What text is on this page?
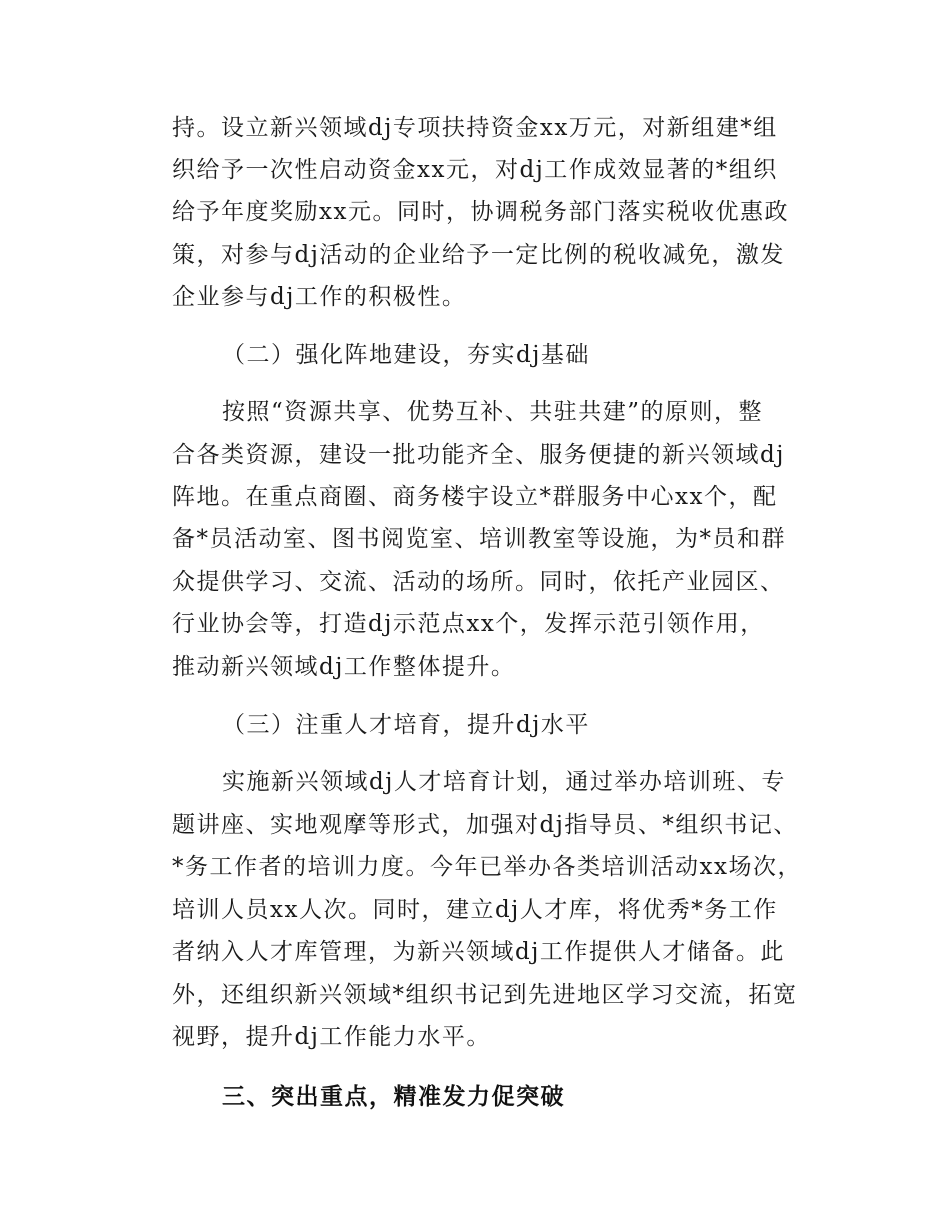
持。设立新兴领域dj专项扶持资金xx万元，对新组建*组
织给予一次性启动资金xx元，对dj工作成效显著的*组织
给予年度奖励xx元。同时，协调税务部门落实税收优惠政
策，对参与dj活动的企业给予一定比例的税收减免，激发
企业参与dj工作的积极性。
（二）强化阵地建设，夯实dj基础
按照“资源共享、优势互补、共驻共建”的原则，整
合各类资源，建设一批功能齐全、服务便捷的新兴领域dj
阵地。在重点商圈、商务楼宇设立*群服务中心xx个，配
备*员活动室、图书阅览室、培训教室等设施，为*员和群
众提供学习、交流、活动的场所。同时，依托产业园区、
行业协会等，打造dj示范点xx个，发挥示范引领作用，
推动新兴领域dj工作整体提升。
（三）注重人才培育，提升dj水平
实施新兴领域dj人才培育计划，通过举办培训班、专
题讲座、实地观摩等形式，加强对dj指导员、*组织书记、
*务工作者的培训力度。今年已举办各类培训活动xx场次，
培训人员xx人次。同时，建立dj人才库，将优秀*务工作
者纳入人才库管理，为新兴领域dj工作提供人才储备。此
外，还组织新兴领域*组织书记到先进地区学习交流，拓宽
视野，提升dj工作能力水平。
三、突出重点，精准发力促突破
